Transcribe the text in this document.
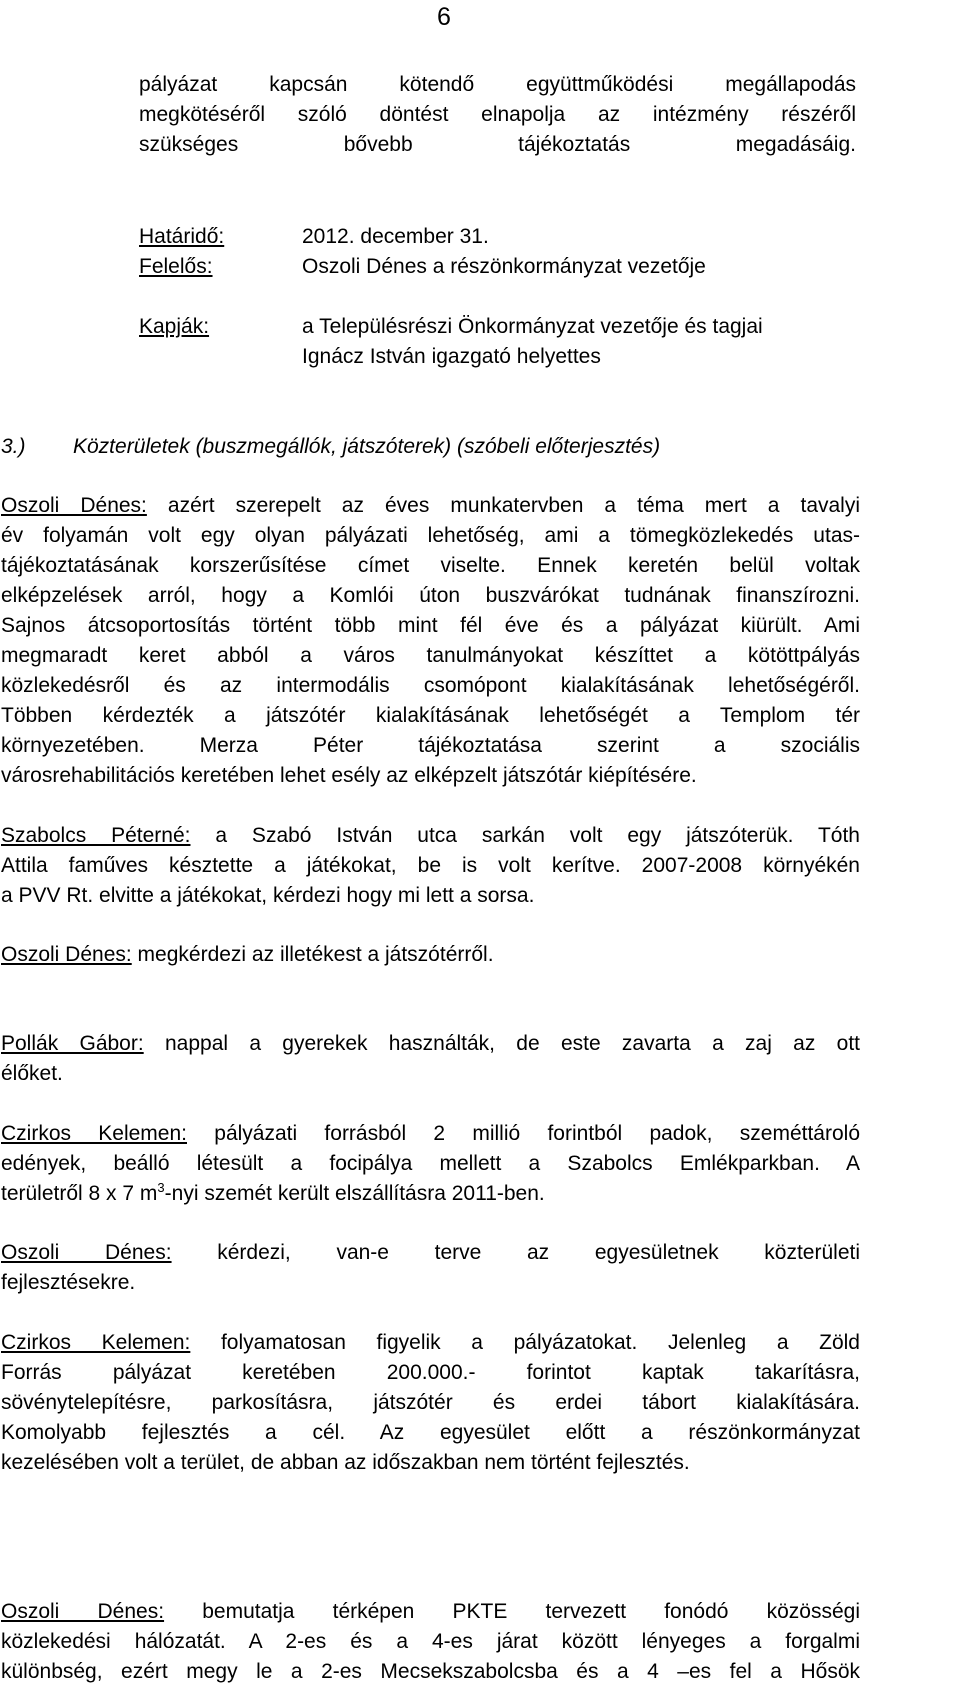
6
pályázat kapcsán kötendő együttműködési megállapodás
megkötéséről szóló döntést elnapolja az intézmény részéről
szükséges bővebb tájékoztatás megadásáig.
Határidő:	2012. december 31.
Felelős:	Oszoli Dénes a részönkormányzat vezetője
Kapják:	a Településrészi Önkormányzat vezetője és tagjai
Ignácz István igazgató helyettes
3.) Közterületek (buszmegállók, játszóterek) (szóbeli előterjesztés)
Oszoli Dénes: azért szerepelt az éves munkatervben a téma mert a tavalyi
év folyamán volt egy olyan pályázati lehetőség, ami a tömegközlekedés utas-
tájékoztatásának korszerűsítése címet viselte. Ennek keretén belül voltak
elképzelések arról, hogy a Komlói úton buszvárókat tudnának finanszírozni.
Sajnos átcsoportosítás történt több mint fél éve és a pályázat kiürült. Ami
megmaradt keret abból a város tanulmányokat készíttet a kötöttpályás
közlekedésről és az intermodális csomópont kialakításának lehetőségéről.
Többen kérdezték a játszótér kialakításának lehetőségét a Templom tér
környezetében. Merza Péter tájékoztatása szerint a szociális
városrehabilitációs keretében lehet esély az elképzelt játszótár kiépítésére.
Szabolcs Péterné: a Szabó István utca sarkán volt egy játszóterük. Tóth
Attila faműves késztette a játékokat, be is volt kerítve. 2007-2008 környékén
a PVV Rt. elvitte a játékokat, kérdezi hogy mi lett a sorsa.
Oszoli Dénes: megkérdezi az illetékest a játszótérről.
Pollák Gábor: nappal a gyerekek használták, de este zavarta a zaj az ott
élőket.
Czirkos Kelemen: pályázati forrásból 2 millió forintból padok, szeméttároló
edények, beálló létesült a focipálya mellett a Szabolcs Emlékparkban. A
területről 8 x 7 $m^3$-nyi szemét került elszállításra 2011-ben.
Oszoli Dénes: kérdezi, van-e terve az egyesületnek közterületi
fejlesztésekre.
Czirkos Kelemen: folyamatosan figyelik a pályázatokat. Jelenleg a Zöld
Forrás pályázat keretében 200.000.- forintot kaptak takarításra,
sövénytelepítésre, parkosításra, játszótér és erdei tábort kialakítására.
Komolyabb fejlesztés a cél. Az egyesület előtt a részönkormányzat
kezelésében volt a terület, de abban az időszakban nem történt fejlesztés.
Oszoli Dénes: bemutatja térképen PKTE tervezett fonódó közösségi
közlekedési hálózatát. A 2-es és a 4-es járat között lényeges a forgalmi
különbség, ezért megy le a 2-es Mecsekszabolcsba és a 4 –es fel a Hősök
